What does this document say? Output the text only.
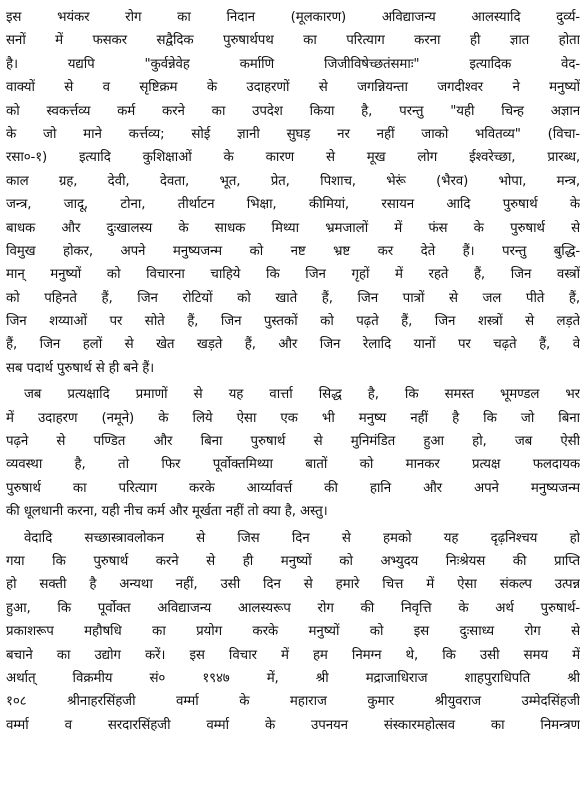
इस भयंकर रोग का निदान (मूलकारण) अविद्याजन्य आलस्यादि दुर्व्य-
सनों में फसकर सद्वैदिक पुरुषार्थपथ का परित्याग करना ही ज्ञात होता
है। यद्यपि "कुर्वन्नेवेह कर्माणि जिजीविषेच्छतंसमाः" इत्यादिक वेद-
वाक्यों से व सृष्टिक्रम के उदाहरणों से जगन्नियन्ता जगदीश्वर ने मनुष्यों
को स्वकर्त्तव्य कर्म करने का उपदेश किया है, परन्तु "यही चिन्ह अज्ञान
के जो माने कर्त्तव्य; सोई ज्ञानी सुघड़ नर नहीं जाको भवितव्य" (विचा-
रसा०-१) इत्यादि कुशिक्षाओं के कारण से मूख लोग ईश्वरेच्छा, प्रारब्ध,
काल ग्रह, देवी, देवता, भूत, प्रेत, पिशाच, भेरूं (भैरव) भोपा, मन्त्र,
जन्त्र, जादू, टोना, तीर्थाटन भिक्षा, कीमियां, रसायन आदि पुरुषार्थ के
बाधक और दुःखालस्य के साधक मिथ्या भ्रमजालों में फंस के पुरुषार्थ से
विमुख होकर, अपने मनुष्यजन्म को नष्ट भ्रष्ट कर देते हैं। परन्तु बुद्धि-
मान् मनुष्यों को विचारना चाहिये कि जिन गृहों में रहते हैं, जिन वस्त्रों
को पहिनते हैं, जिन रोटियों को खाते हैं, जिन पात्रों से जल पीते हैं,
जिन शय्याओं पर सोते हैं, जिन पुस्तकों को पढ़ते हैं, जिन शस्त्रों से लड़ते
हैं, जिन हलों से खेत खड़ते हैं, और जिन रेलादि यानों पर चढ़ते हैं, वे
सब पदार्थ पुरुषार्थ से ही बने हैं।
जब प्रत्यक्षादि प्रमाणों से यह वार्त्ता सिद्ध है, कि समस्त भूमण्डल भर
में उदाहरण (नमूने) के लिये ऐसा एक भी मनुष्य नहीं है कि जो बिना
पढ़ने से पण्डित और बिना पुरुषार्थ से मुनिमंडित हुआ हो, जब ऐसी
व्यवस्था है, तो फिर पूर्वोक्तमिथ्या बातों को मानकर प्रत्यक्ष फलदायक
पुरुषार्थ का परित्याग करके आर्य्यावर्त्त की हानि और अपने मनुष्यजन्म
की धूलधानी करना, यही नीच कर्म और मूर्खता नहीं तो क्या है, अस्तु।
वेदादि सच्छास्त्रावलोकन से जिस दिन से हमको यह दृढ़निश्चय हो
गया कि पुरुषार्थ करने से ही मनुष्यों को अभ्युदय निःश्रेयस की प्राप्ति
हो सक्ती है अन्यथा नहीं, उसी दिन से हमारे चित्त में ऐसा संकल्प उत्पन्न
हुआ, कि पूर्वोक्त अविद्याजन्य आलस्यरूप रोग की निवृत्ति के अर्थ पुरुषार्थ-
प्रकाशरूप महौषधि का प्रयोग करके मनुष्यों को इस दुःसाध्य रोग से
बचाने का उद्योग करें। इस विचार में हम निमग्न थे, कि उसी समय में
अर्थात् विक्रमीय सं० १९४७ में, श्री मद्राजाधिराज शाहपुराधिपति श्री
१०८ श्रीनाहरसिंहजी वर्म्मा के महाराज कुमार श्रीयुवराज उम्मेदसिंहजी
वर्म्मा व सरदारसिंहजी वर्म्मा के उपनयन संस्कारमहोत्सव का निमन्त्रण
